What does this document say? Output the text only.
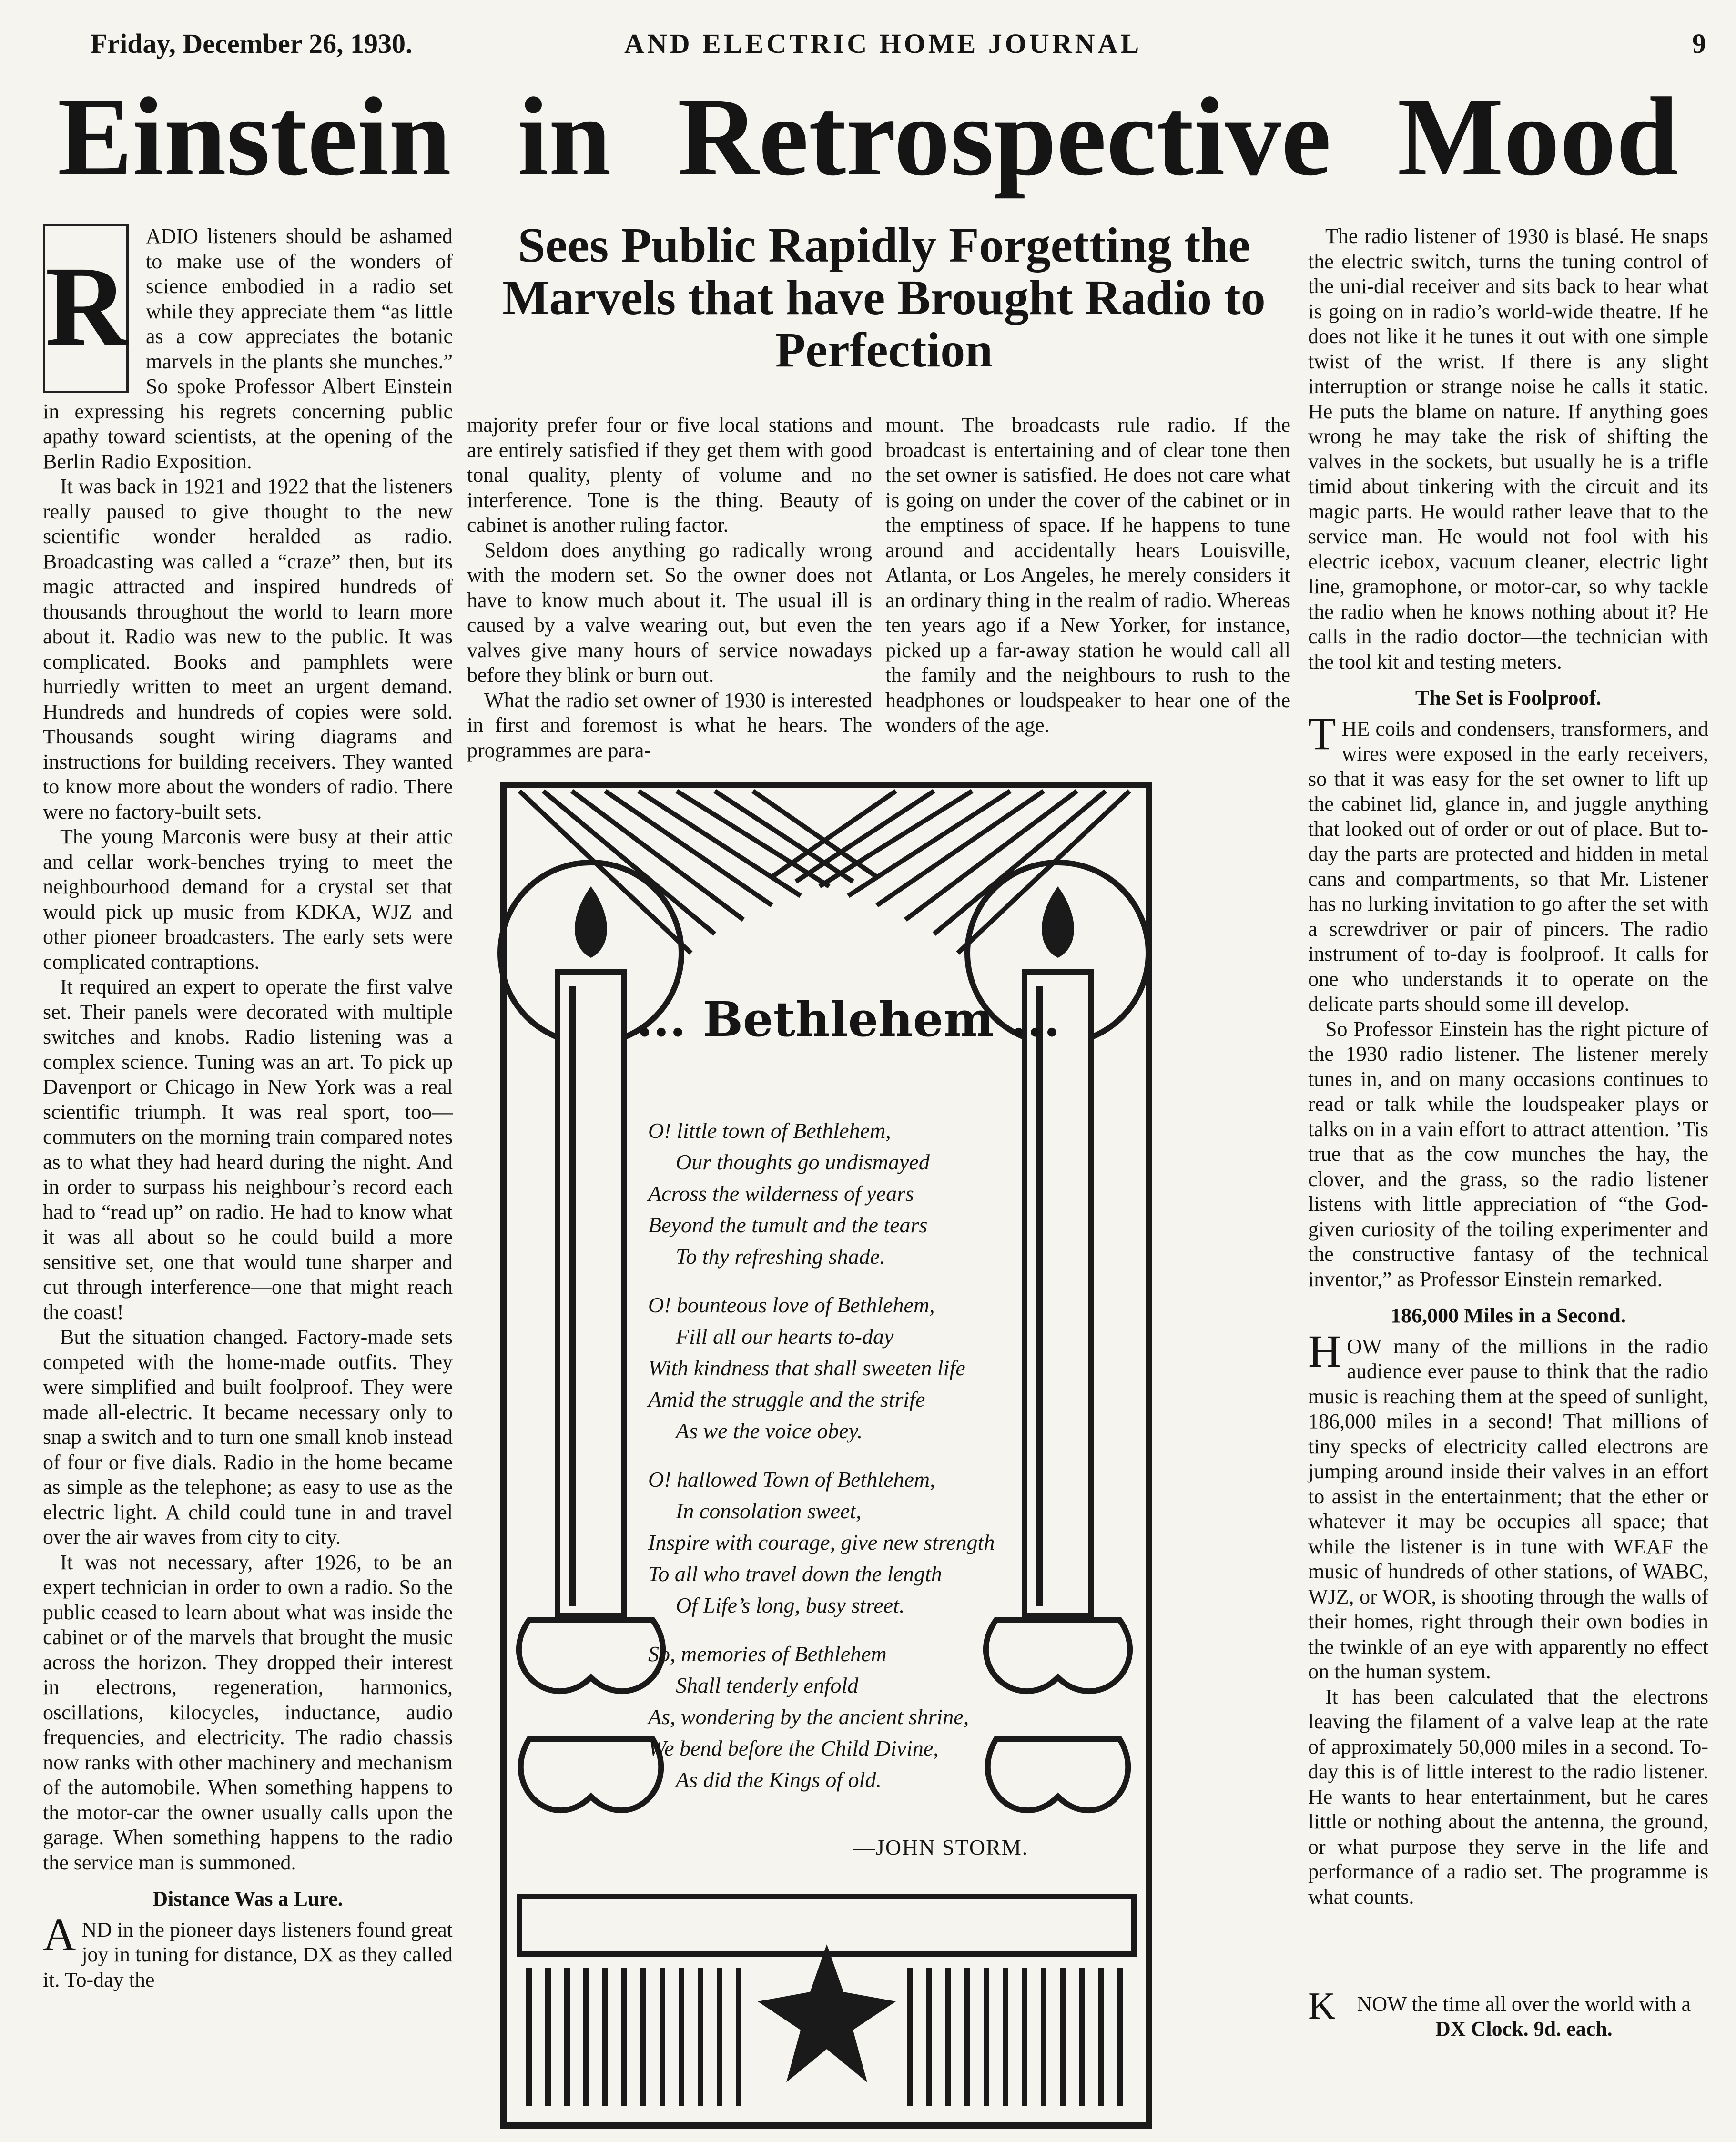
Friday, December 26, 1930.	AND ELECTRIC HOME JOURNAL	9
Einstein in Retrospective Mood
Sees Public Rapidly Forgetting the Marvels that have Brought Radio to Perfection
R

ADIO listeners should be ashamed to make use of the wonders of science embodied in a radio set while they appreciate them “as little as a cow appreciates the botanic marvels in the plants she munches.” So spoke Professor Albert Einstein in expressing his regrets concerning public apathy toward scientists, at the opening of the Berlin Radio Exposition.

It was back in 1921 and 1922 that the listeners really paused to give thought to the new scientific wonder heralded as radio. Broadcasting was called a “craze” then, but its magic attracted and inspired hundreds of thousands throughout the world to learn more about it. Radio was new to the public. It was complicated. Books and pamphlets were hurriedly written to meet an urgent demand. Hundreds and hundreds of copies were sold. Thousands sought wiring diagrams and instructions for building receivers. They wanted to know more about the wonders of radio. There were no factory-built sets.

The young Marconis were busy at their attic and cellar work-benches trying to meet the neighbourhood demand for a crystal set that would pick up music from KDKA, WJZ and other pioneer broadcasters. The early sets were complicated contraptions.

It required an expert to operate the first valve set. Their panels were decorated with multiple switches and knobs. Radio listening was a complex science. Tuning was an art. To pick up Davenport or Chicago in New York was a real scientific triumph. It was real sport, too—commuters on the morning train compared notes as to what they had heard during the night. And in order to surpass his neighbour’s record each had to “read up” on radio. He had to know what it was all about so he could build a more sensitive set, one that would tune sharper and cut through interference—one that might reach the coast!

But the situation changed. Factory-made sets competed with the home-made outfits. They were simplified and built foolproof. They were made all-electric. It became necessary only to snap a switch and to turn one small knob instead of four or five dials. Radio in the home became as simple as the telephone; as easy to use as the electric light. A child could tune in and travel over the air waves from city to city.

It was not necessary, after 1926, to be an expert technician in order to own a radio. So the public ceased to learn about what was inside the cabinet or of the marvels that brought the music across the horizon. They dropped their interest in electrons, regeneration, harmonics, oscillations, kilocycles, inductance, audio frequencies, and electricity. The radio chassis now ranks with other machinery and mechanism of the automobile. When something happens to the motor-car the owner usually calls upon the garage. When something happens to the radio the service man is summoned.

Distance Was a Lure.

AND in the pioneer days listeners found great joy in tuning for distance, DX as they called it. To-day the

majority prefer four or five local stations and are entirely satisfied if they get them with good tonal quality, plenty of volume and no interference. Tone is the thing. Beauty of cabinet is another ruling factor.

Seldom does anything go radically wrong with the modern set. So the owner does not have to know much about it. The usual ill is caused by a valve wearing out, but even the valves give many hours of service nowadays before they blink or burn out.

What the radio set owner of 1930 is interested in first and foremost is what he hears. The programmes are para-

mount. The broadcasts rule radio. If the broadcast is entertaining and of clear tone then the set owner is satisfied. He does not care what is going on under the cover of the cabinet or in the emptiness of space. If he happens to tune around and accidentally hears Louisville, Atlanta, or Los Angeles, he merely considers it an ordinary thing in the realm of radio. Whereas ten years ago if a New Yorker, for instance, picked up a far-away station he would call all the family and the neighbours to rush to the headphones or loudspeaker to hear one of the wonders of the age.

The radio listener of 1930 is blasé. He snaps the electric switch, turns the tuning control of the uni-dial receiver and sits back to hear what is going on in radio’s world-wide theatre. If he does not like it he tunes it out with one simple twist of the wrist. If there is any slight interruption or strange noise he calls it static. He puts the blame on nature. If anything goes wrong he may take the risk of shifting the valves in the sockets, but usually he is a trifle timid about tinkering with the circuit and its magic parts. He would rather leave that to the service man. He would not fool with his electric icebox, vacuum cleaner, electric light line, gramophone, or motor-car, so why tackle the radio when he knows nothing about it? He calls in the radio doctor—the technician with the tool kit and testing meters.

The Set is Foolproof.

THE coils and condensers, transformers, and wires were exposed in the early receivers, so that it was easy for the set owner to lift up the cabinet lid, glance in, and juggle anything that looked out of order or out of place. But to-day the parts are protected and hidden in metal cans and compartments, so that Mr. Listener has no lurking invitation to go after the set with a screwdriver or pair of pincers. The radio instrument of to-day is foolproof. It calls for one who understands it to operate on the delicate parts should some ill develop.

So Professor Einstein has the right picture of the 1930 radio listener. The listener merely tunes in, and on many occasions continues to read or talk while the loudspeaker plays or talks on in a vain effort to attract attention. ’Tis true that as the cow munches the hay, the clover, and the grass, so the radio listener listens with little appreciation of “the God-given curiosity of the toiling experimenter and the constructive fantasy of the technical inventor,” as Professor Einstein remarked.

186,000 Miles in a Second.

HOW many of the millions in the radio audience ever pause to think that the radio music is reaching them at the speed of sunlight, 186,000 miles in a second! That millions of tiny specks of electricity called electrons are jumping around inside their valves in an effort to assist in the entertainment; that the ether or whatever it may be occupies all space; that while the listener is in tune with WEAF the music of hundreds of other stations, of WABC, WJZ, or WOR, is shooting through the walls of their homes, right through their own bodies in the twinkle of an eye with apparently no effect on the human system.

It has been calculated that the electrons leaving the filament of a valve leap at the rate of approximately 50,000 miles in a second. To-day this is of little interest to the radio listener. He wants to hear entertainment, but he cares little or nothing about the antenna, the ground, or what purpose they serve in the life and performance of a radio set. The programme is what counts.

... Bethlehem ...
O! little town of Bethlehem,
Our thoughts go undismayed
Across the wilderness of years
Beyond the tumult and the tears
To thy refreshing shade.
O! bounteous love of Bethlehem,
Fill all our hearts to-day
With kindness that shall sweeten life
Amid the struggle and the strife
As we the voice obey.
O! hallowed Town of Bethlehem,
In consolation sweet,
Inspire with courage, give new strength
To all who travel down the length
Of Life’s long, busy street.
So, memories of Bethlehem
Shall tenderly enfold
As, wondering by the ancient shrine,
We bend before the Child Divine,
As did the Kings of old.
—JOHN STORM.
K	NOW the time all over the world with a
DX Clock. 9d. each.
